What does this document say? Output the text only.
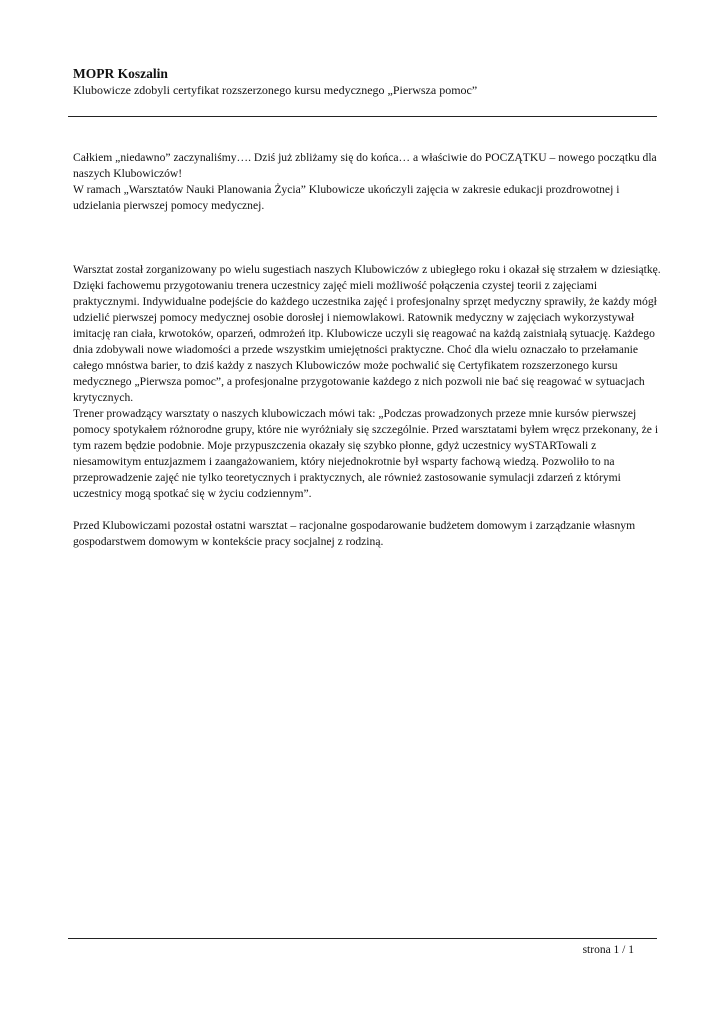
MOPR Koszalin

Klubowicze zdobyli certyfikat rozszerzonego kursu medycznego „Pierwsza pomoc”

Całkiem „niedawno” zaczynaliśmy…. Dziś już zbliżamy się do końca… a właściwie do POCZĄTKU – nowego początku dla naszych Klubowiczów!

W ramach „Warsztatów Nauki Planowania Życia” Klubowicze ukończyli zajęcia w zakresie edukacji prozdrowotnej i udzielania pierwszej pomocy medycznej.

Warsztat został zorganizowany po wielu sugestiach naszych Klubowiczów z ubiegłego roku i okazał się strzałem w dziesiątkę. Dzięki fachowemu przygotowaniu trenera uczestnicy zajęć mieli możliwość połączenia czystej teorii z zajęciami praktycznymi. Indywidualne podejście do każdego uczestnika zajęć i profesjonalny sprzęt medyczny sprawiły, że każdy mógł udzielić pierwszej pomocy medycznej osobie dorosłej i niemowlakowi. Ratownik medyczny w zajęciach wykorzystywał imitację ran ciała, krwotoków, oparzeń, odmrożeń itp. Klubowicze uczyli się reagować na każdą zaistniałą sytuację. Każdego dnia zdobywali nowe wiadomości a przede wszystkim umiejętności praktyczne. Choć dla wielu oznaczało to przełamanie całego mnóstwa barier, to dziś każdy z naszych Klubowiczów może pochwalić się Certyfikatem rozszerzonego kursu medycznego „Pierwsza pomoc”, a profesjonalne przygotowanie każdego z nich pozwoli nie bać się reagować w sytuacjach krytycznych.

Trener prowadzący warsztaty o naszych klubowiczach mówi tak: „Podczas prowadzonych przeze mnie kursów pierwszej pomocy spotykałem różnorodne grupy, które nie wyróżniały się szczególnie. Przed warsztatami byłem wręcz przekonany, że i tym razem będzie podobnie. Moje przypuszczenia okazały się szybko płonne, gdyż uczestnicy wySTARTowali z niesamowitym entuzjazmem i zaangażowaniem, który niejednokrotnie był wsparty fachową wiedzą. Pozwoliło to na przeprowadzenie zajęć nie tylko teoretycznych i praktycznych, ale również zastosowanie symulacji zdarzeń z którymi uczestnicy mogą spotkać się w życiu codziennym”.

Przed Klubowiczami pozostał ostatni warsztat – racjonalne gospodarowanie budżetem domowym i zarządzanie własnym gospodarstwem domowym w kontekście pracy socjalnej z rodziną.

strona 1 / 1
